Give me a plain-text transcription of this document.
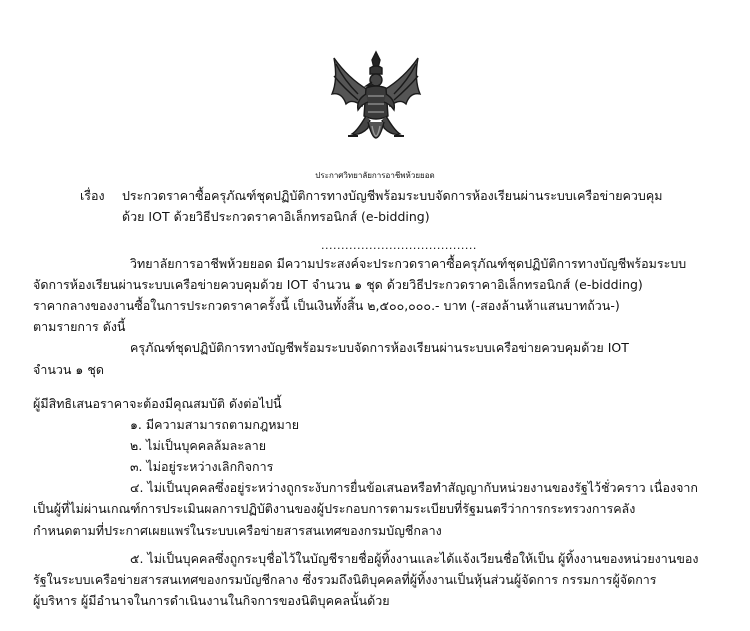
ประกาศวิทยาลัยการอาชีพห้วยยอด
เรื่อง ประกวดราคาซื้อครุภัณฑ์ชุดปฏิบัติการทางบัญชีพร้อมระบบจัดการห้องเรียนผ่านระบบเครือข่ายควบคุม
ด้วย IOT ด้วยวิธีประกวดราคาอิเล็กทรอนิกส์ (e-bidding)
.......................................
วิทยาลัยการอาชีพห้วยยอด มีความประสงค์จะประกวดราคาซื้อครุภัณฑ์ชุดปฏิบัติการทางบัญชีพร้อมระบบ
จัดการห้องเรียนผ่านระบบเครือข่ายควบคุมด้วย IOT จำนวน ๑ ชุด ด้วยวิธีประกวดราคาอิเล็กทรอนิกส์ (e-bidding)
ราคากลางของงานซื้อในการประกวดราคาครั้งนี้ เป็นเงินทั้งสิ้น ๒,๕๐๐,๐๐๐.- บาท (-สองล้านห้าแสนบาทถ้วน-)
ตามรายการ ดังนี้
ครุภัณฑ์ชุดปฏิบัติการทางบัญชีพร้อมระบบจัดการห้องเรียนผ่านระบบเครือข่ายควบคุมด้วย IOT
จำนวน ๑ ชุด
ผู้มีสิทธิเสนอราคาจะต้องมีคุณสมบัติ ดังต่อไปนี้
๑. มีความสามารถตามกฎหมาย
๒. ไม่เป็นบุคคลล้มละลาย
๓. ไม่อยู่ระหว่างเลิกกิจการ
๔. ไม่เป็นบุคคลซึ่งอยู่ระหว่างถูกระงับการยื่นข้อเสนอหรือทำสัญญากับหน่วยงานของรัฐไว้ชั่วคราว เนื่องจาก
เป็นผู้ที่ไม่ผ่านเกณฑ์การประเมินผลการปฏิบัติงานของผู้ประกอบการตามระเบียบที่รัฐมนตรีว่าการกระทรวงการคลัง
กำหนดตามที่ประกาศเผยแพร่ในระบบเครือข่ายสารสนเทศของกรมบัญชีกลาง
๕. ไม่เป็นบุคคลซึ่งถูกระบุชื่อไว้ในบัญชีรายชื่อผู้ทิ้งงานและได้แจ้งเวียนชื่อให้เป็น ผู้ทิ้งงานของหน่วยงานของ
รัฐในระบบเครือข่ายสารสนเทศของกรมบัญชีกลาง ซึ่งรวมถึงนิติบุคคลที่ผู้ทิ้งงานเป็นหุ้นส่วนผู้จัดการ กรรมการผู้จัดการ
ผู้บริหาร ผู้มีอำนาจในการดำเนินงานในกิจการของนิติบุคคลนั้นด้วย
